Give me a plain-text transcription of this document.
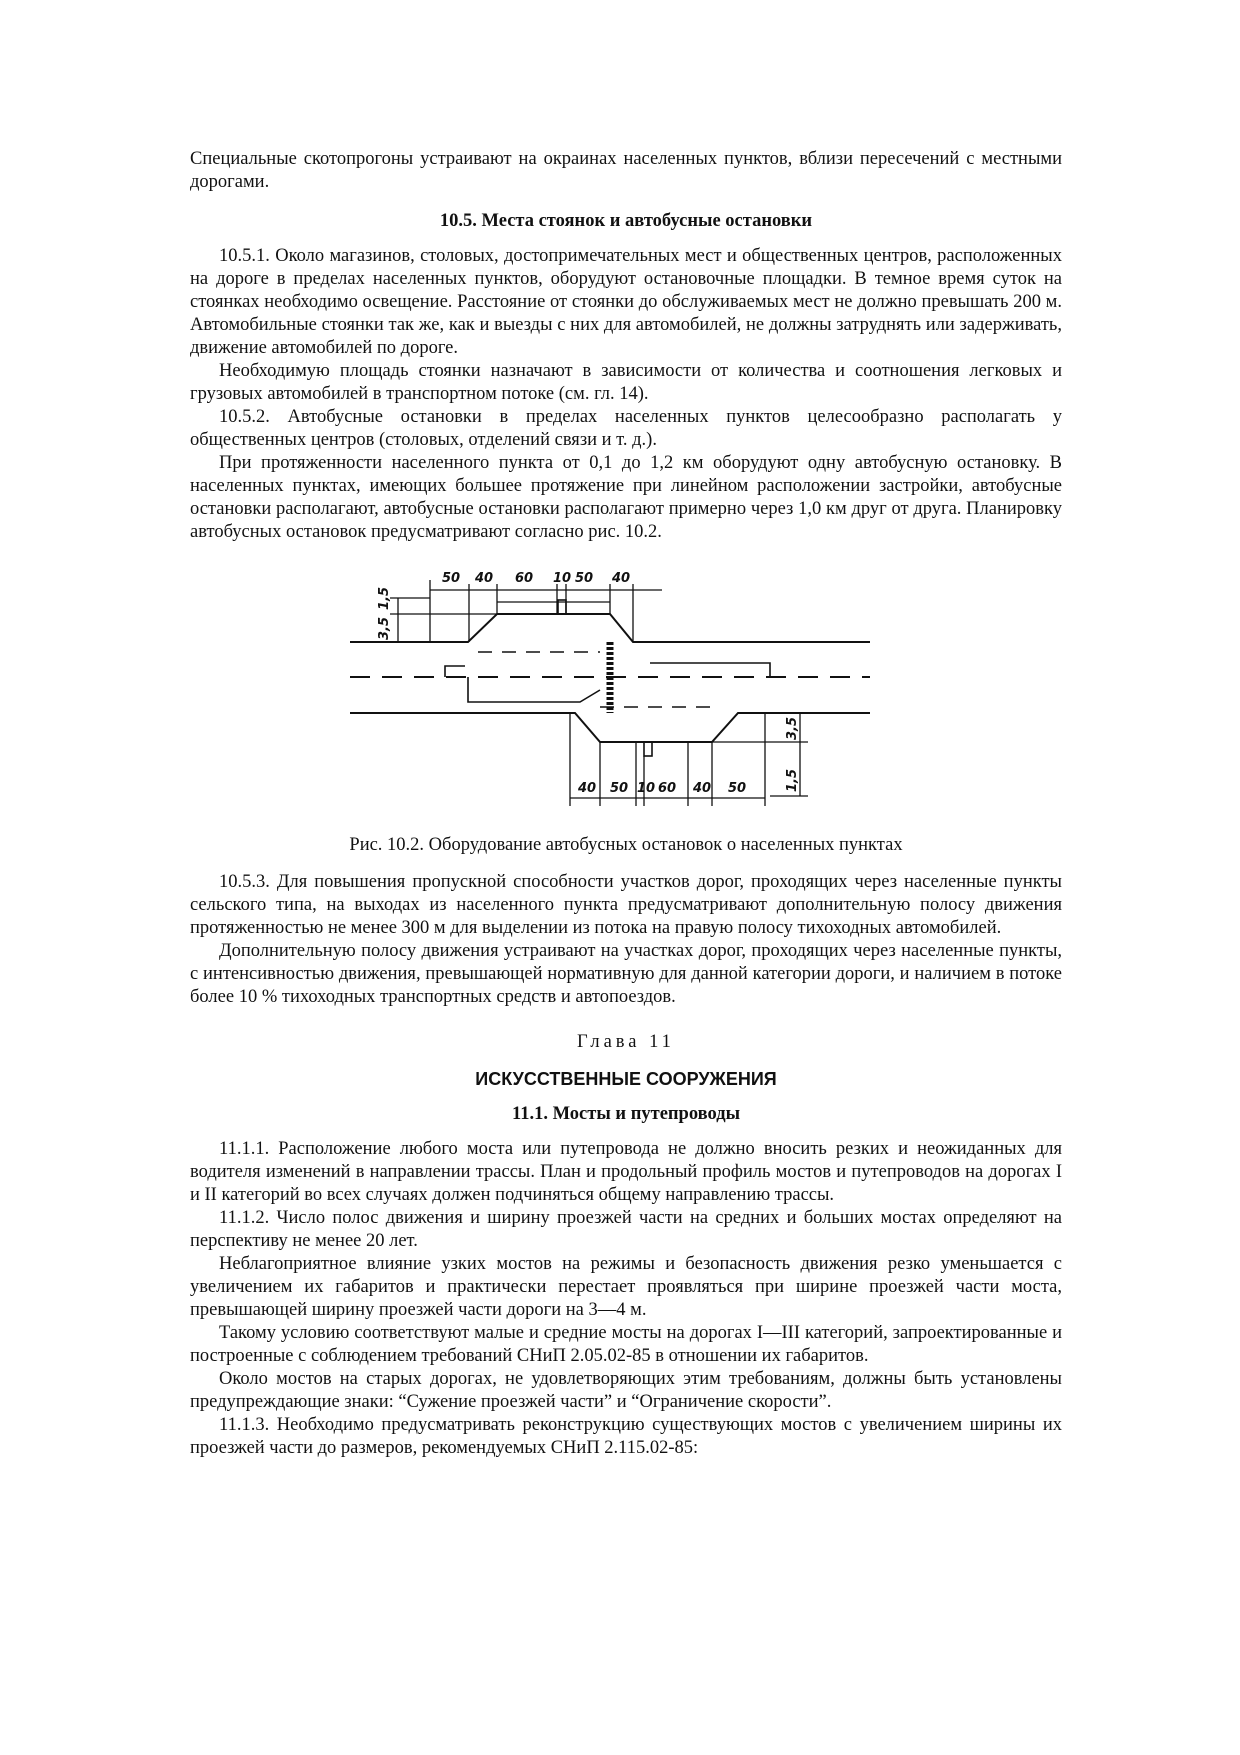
Специальные скотопрогоны устраивают на окраинах населенных пунктов, вблизи пересечений с местными дорогами.

10.5. Места стоянок и автобусные остановки

10.5.1. Около магазинов, столовых, достопримечательных мест и общественных центров, расположенных на дороге в пределах населенных пунктов, оборудуют остановочные площадки. В темное время суток на стоянках необходимо освещение. Расстояние от стоянки до обслуживаемых мест не должно превышать 200 м. Автомобильные стоянки так же, как и выезды с них для автомобилей, не должны затруднять или задерживать, движение автомобилей по дороге.

Необходимую площадь стоянки назначают в зависимости от количества и соотношения легковых и грузовых автомобилей в транспортном потоке (см. гл. 14).

10.5.2. Автобусные остановки в пределах населенных пунктов целесообразно располагать у общественных центров (столовых, отделений связи и т. д.).

При протяженности населенного пункта от 0,1 до 1,2 км оборудуют одну автобусную остановку. В населенных пунктах, имеющих большее протяжение при линейном расположении застройки, автобусные остановки располагают, автобусные остановки располагают примерно через 1,0 км друг от друга. Планировку автобусных остановок предусматривают согласно рис. 10.2.

50 40 60 10 50 40
3,5
1,5
40 50 10 60 40 50
3,5
1,5
Рис. 10.2. Оборудование автобусных остановок о населенных пунктах

10.5.3. Для повышения пропускной способности участков дорог, проходящих через населенные пункты сельского типа, на выходах из населенного пункта предусматривают дополнительную полосу движения протяженностью не менее 300 м для выделении из потока на правую полосу тихоходных автомобилей.

Дополнительную полосу движения устраивают на участках дорог, проходящих через населенные пункты, с интенсивностью движения, превышающей нормативную для данной категории дороги, и наличием в потоке более 10 % тихоходных транспортных средств и автопоездов.

Глава 11
ИСКУССТВЕННЫЕ СООРУЖЕНИЯ
11.1. Мосты и путепроводы

11.1.1. Расположение любого моста или путепровода не должно вносить резких и неожиданных для водителя изменений в направлении трассы. План и продольный профиль мостов и путепроводов на дорогах I и II категорий во всех случаях должен подчиняться общему направлению трассы.

11.1.2. Число полос движения и ширину проезжей части на средних и больших мостах определяют на перспективу не менее 20 лет.

Неблагоприятное влияние узких мостов на режимы и безопасность движения резко уменьшается с увеличением их габаритов и практически перестает проявляться при ширине проезжей части моста, превышающей ширину проезжей части дороги на 3—4 м.

Такому условию соответствуют малые и средние мосты на дорогах I—III категорий, запроектированные и построенные с соблюдением требований СНиП 2.05.02-85 в отношении их габаритов.

Около мостов на старых дорогах, не удовлетворяющих этим требованиям, должны быть установлены предупреждающие знаки: “Сужение проезжей части” и “Ограничение скорости”.

11.1.3. Необходимо предусматривать реконструкцию существующих мостов с увеличением ширины их проезжей части до размеров, рекомендуемых СНиП 2.115.02-85:
